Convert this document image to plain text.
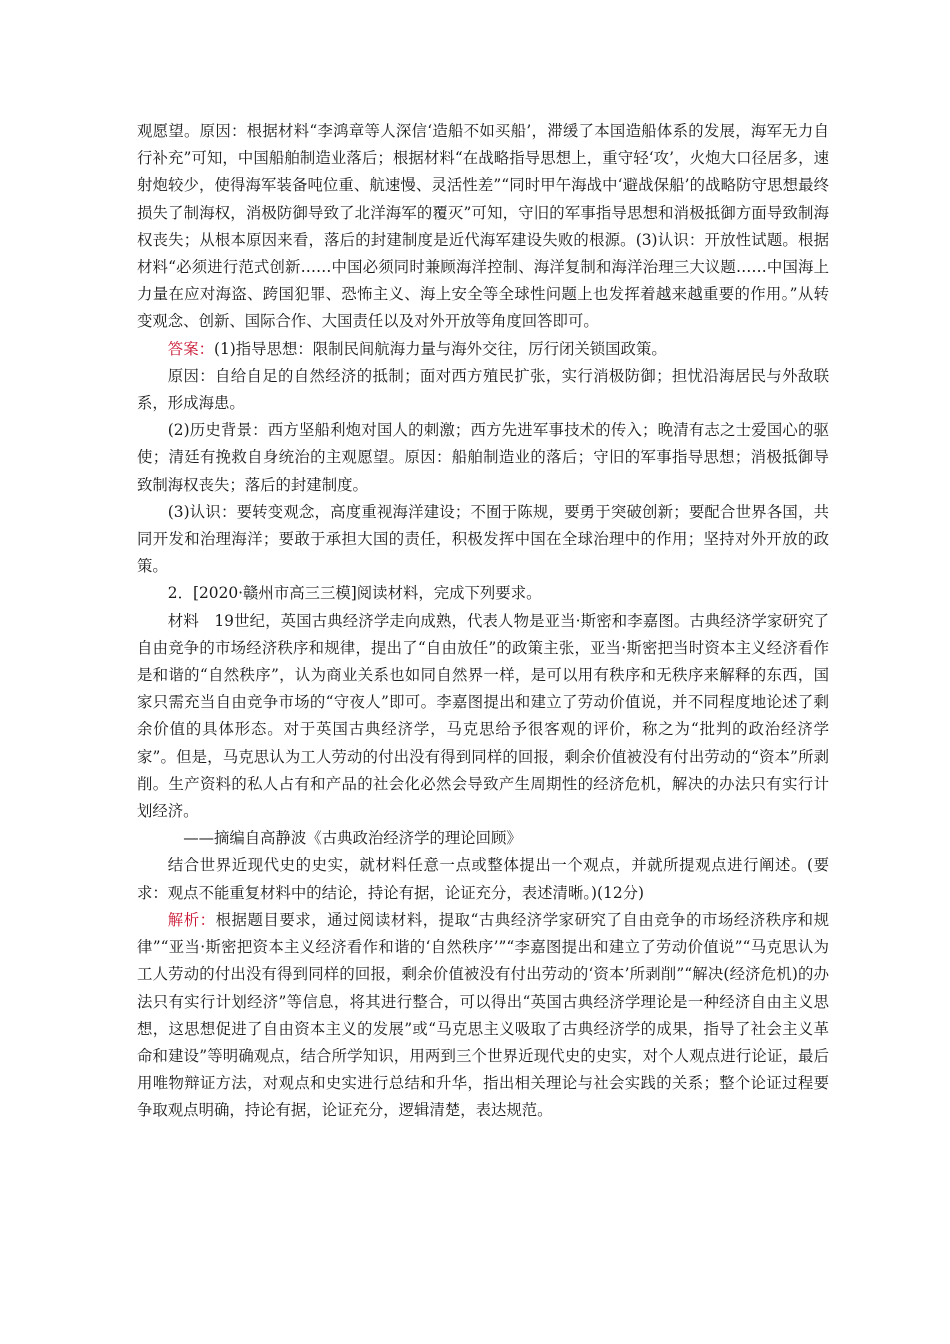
观愿望。原因：根据材料“李鸿章等人深信‘造船不如买船’，滞缓了本国造船体系的发展，海军无力自行补充”可知，中国船舶制造业落后；根据材料“在战略指导思想上，重守轻‘攻’，火炮大口径居多，速射炮较少，使得海军装备吨位重、航速慢、灵活性差”“同时甲午海战中‘避战保船’的战略防守思想最终损失了制海权，消极防御导致了北洋海军的覆灭”可知，守旧的军事指导思想和消极抵御方面导致制海权丧失；从根本原因来看，落后的封建制度是近代海军建设失败的根源。(3)认识：开放性试题。根据材料“必须进行范式创新……中国必须同时兼顾海洋控制、海洋复制和海洋治理三大议题……中国海上力量在应对海盗、跨国犯罪、恐怖主义、海上安全等全球性问题上也发挥着越来越重要的作用。”从转变观念、创新、国际合作、大国责任以及对外开放等角度回答即可。

答案：(1)指导思想：限制民间航海力量与海外交往，厉行闭关锁国政策。

原因：自给自足的自然经济的抵制；面对西方殖民扩张，实行消极防御；担忧沿海居民与外敌联系，形成海患。

(2)历史背景：西方坚船利炮对国人的刺激；西方先进军事技术的传入；晚清有志之士爱国心的驱使；清廷有挽救自身统治的主观愿望。原因：船舶制造业的落后；守旧的军事指导思想；消极抵御导致制海权丧失；落后的封建制度。

(3)认识：要转变观念，高度重视海洋建设；不囿于陈规，要勇于突破创新；要配合世界各国，共同开发和治理海洋；要敢于承担大国的责任，积极发挥中国在全球治理中的作用；坚持对外开放的政策。

2．[2020·赣州市高三三模]阅读材料，完成下列要求。

材料　19世纪，英国古典经济学走向成熟，代表人物是亚当·斯密和李嘉图。古典经济学家研究了自由竞争的市场经济秩序和规律，提出了“自由放任”的政策主张，亚当·斯密把当时资本主义经济看作是和谐的“自然秩序”，认为商业关系也如同自然界一样，是可以用有秩序和无秩序来解释的东西，国家只需充当自由竞争市场的“守夜人”即可。李嘉图提出和建立了劳动价值说，并不同程度地论述了剩余价值的具体形态。对于英国古典经济学，马克思给予很客观的评价，称之为“批判的政治经济学家”。但是，马克思认为工人劳动的付出没有得到同样的回报，剩余价值被没有付出劳动的“资本”所剥削。生产资料的私人占有和产品的社会化必然会导致产生周期性的经济危机，解决的办法只有实行计划经济。

——摘编自高静波《古典政治经济学的理论回顾》

结合世界近现代史的史实，就材料任意一点或整体提出一个观点，并就所提观点进行阐述。(要求：观点不能重复材料中的结论，持论有据，论证充分，表述清晰。)(12分)

解析：根据题目要求，通过阅读材料，提取“古典经济学家研究了自由竞争的市场经济秩序和规律”“亚当·斯密把资本主义经济看作和谐的‘自然秩序’”“李嘉图提出和建立了劳动价值说”“马克思认为工人劳动的付出没有得到同样的回报，剩余价值被没有付出劳动的‘资本’所剥削”“解决(经济危机)的办法只有实行计划经济”等信息，将其进行整合，可以得出“英国古典经济学理论是一种经济自由主义思想，这思想促进了自由资本主义的发展”或“马克思主义吸取了古典经济学的成果，指导了社会主义革命和建设”等明确观点，结合所学知识，用两到三个世界近现代史的史实，对个人观点进行论证，最后用唯物辩证方法，对观点和史实进行总结和升华，指出相关理论与社会实践的关系；整个论证过程要争取观点明确，持论有据，论证充分，逻辑清楚，表达规范。
